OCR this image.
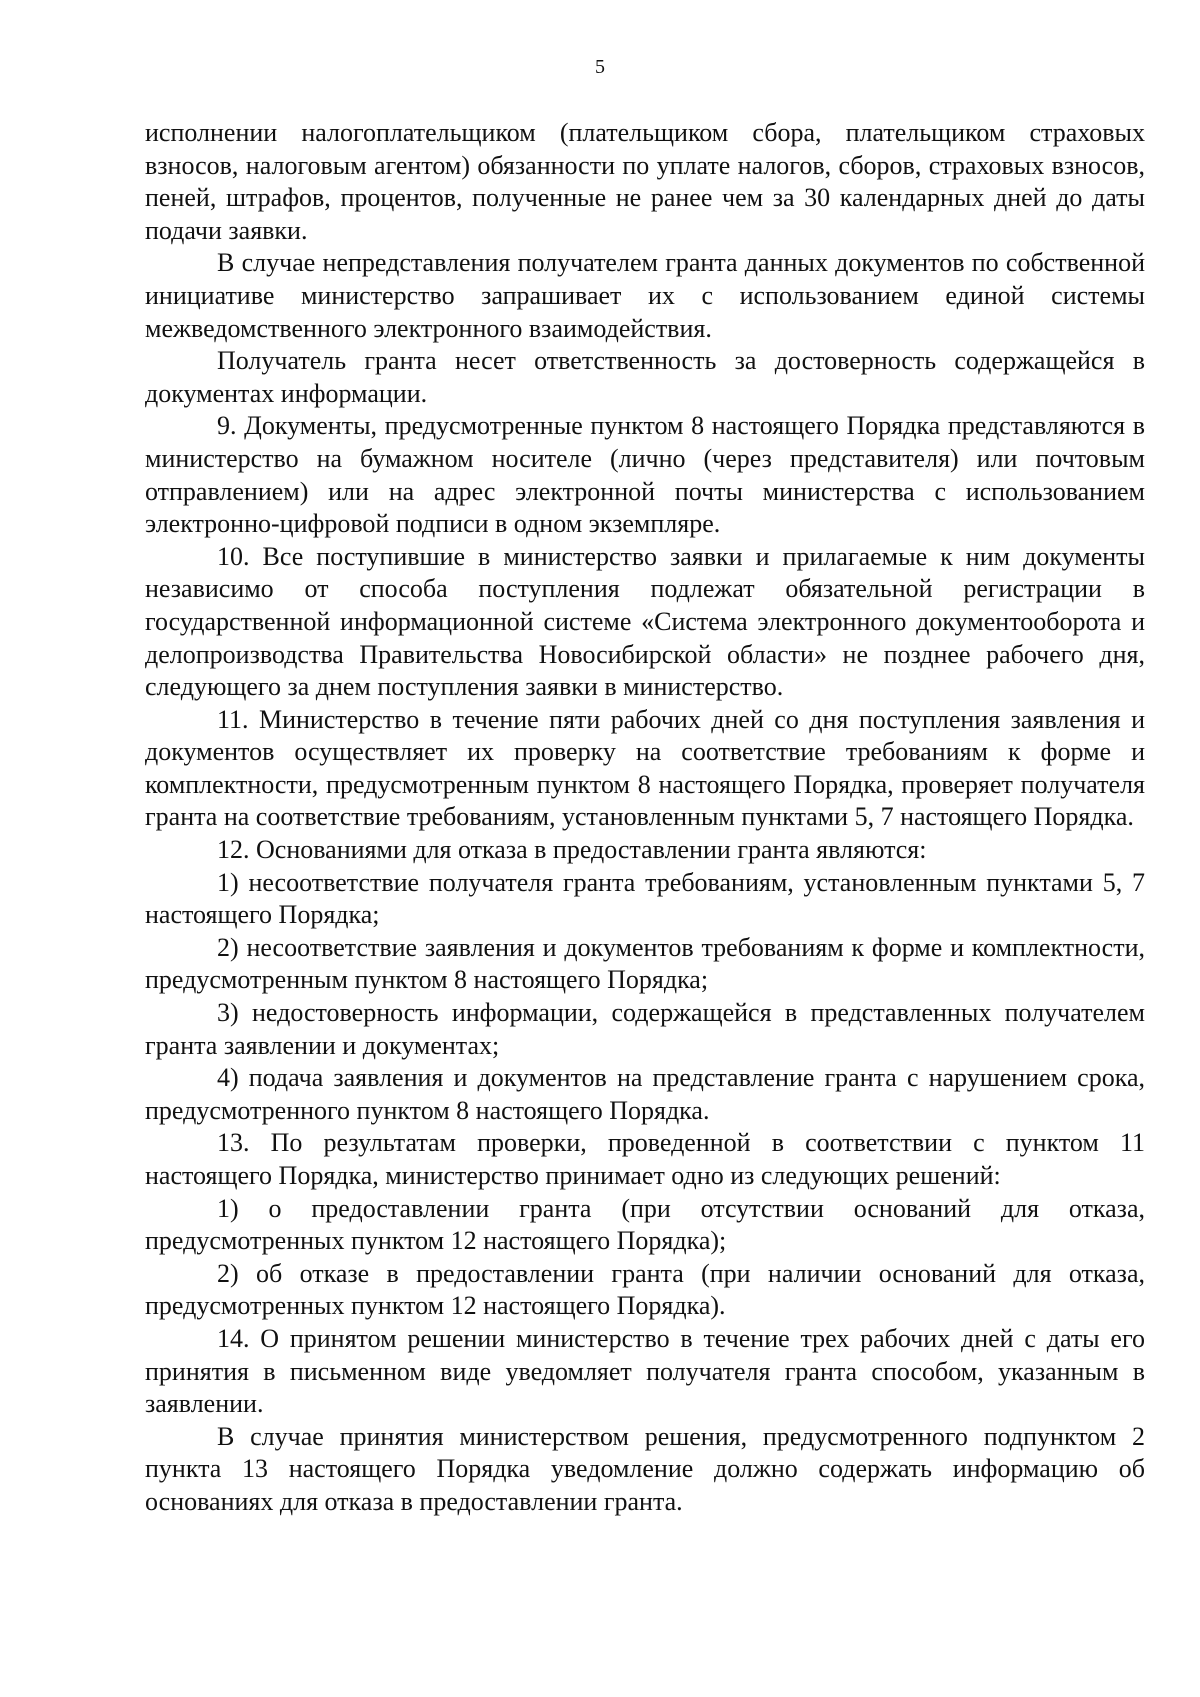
5

исполнении налогоплательщиком (плательщиком сбора, плательщиком страховых взносов, налоговым агентом) обязанности по уплате налогов, сборов, страховых взносов, пеней, штрафов, процентов, полученные не ранее чем за 30 календарных дней до даты подачи заявки.

В случае непредставления получателем гранта данных документов по собственной инициативе министерство запрашивает их с использованием единой системы межведомственного электронного взаимодействия.

Получатель гранта несет ответственность за достоверность содержащейся в документах информации.

9. Документы, предусмотренные пунктом 8 настоящего Порядка представляются в министерство на бумажном носителе (лично (через представителя) или почтовым отправлением) или на адрес электронной почты министерства с использованием электронно-цифровой подписи в одном экземпляре.

10. Все поступившие в министерство заявки и прилагаемые к ним документы независимо от способа поступления подлежат обязательной регистрации в государственной информационной системе «Система электронного документооборота и делопроизводства Правительства Новосибирской области» не позднее рабочего дня, следующего за днем поступления заявки в министерство.

11. Министерство в течение пяти рабочих дней со дня поступления заявления и документов осуществляет их проверку на соответствие требованиям к форме и комплектности, предусмотренным пунктом 8 настоящего Порядка, проверяет получателя гранта на соответствие требованиям, установленным пунктами 5, 7 настоящего Порядка.

12. Основаниями для отказа в предоставлении гранта являются:

1) несоответствие получателя гранта требованиям, установленным пунктами 5, 7 настоящего Порядка;

2) несоответствие заявления и документов требованиям к форме и комплектности, предусмотренным пунктом 8 настоящего Порядка;

3) недостоверность информации, содержащейся в представленных получателем гранта заявлении и документах;

4) подача заявления и документов на представление гранта с нарушением срока, предусмотренного пунктом 8 настоящего Порядка.

13. По результатам проверки, проведенной в соответствии с пунктом 11 настоящего Порядка, министерство принимает одно из следующих решений:

1) о предоставлении гранта (при отсутствии оснований для отказа, предусмотренных пунктом 12 настоящего Порядка);

2) об отказе в предоставлении гранта (при наличии оснований для отказа, предусмотренных пунктом 12 настоящего Порядка).

14. О принятом решении министерство в течение трех рабочих дней с даты его принятия в письменном виде уведомляет получателя гранта способом, указанным в заявлении.

В случае принятия министерством решения, предусмотренного подпунктом 2 пункта 13 настоящего Порядка уведомление должно содержать информацию об основаниях для отказа в предоставлении гранта.
